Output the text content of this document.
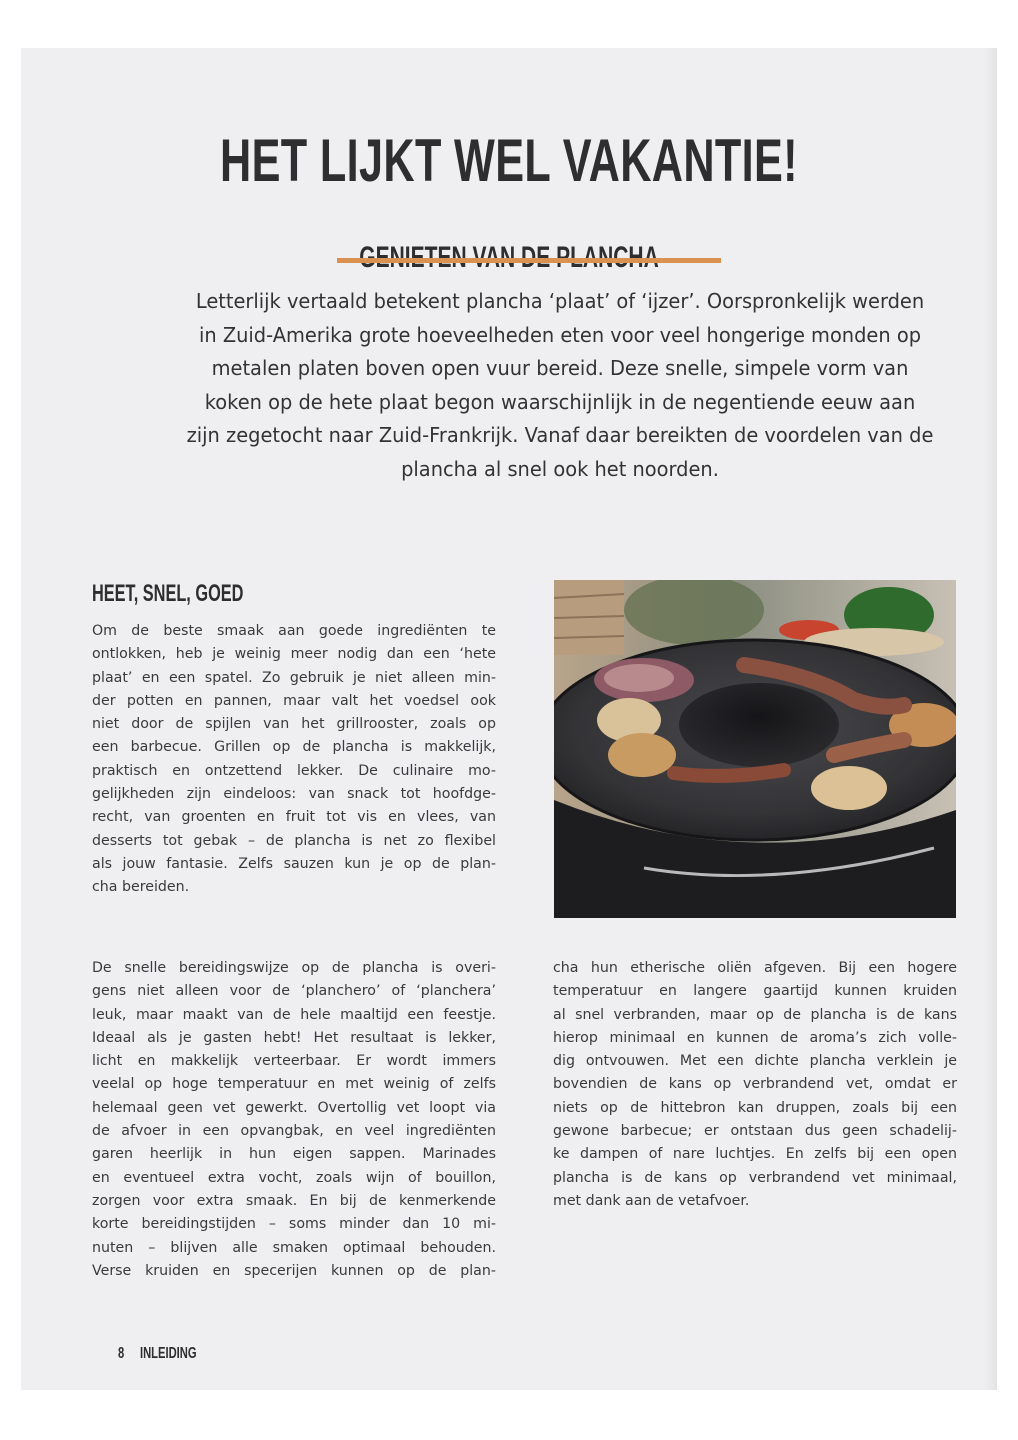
HET LIJKT WEL VAKANTIE!

Letterlijk vertaald betekent plancha ‘plaat’ of ‘ijzer’. Oorspronkelijk werden
in Zuid-Amerika grote hoeveelheden eten voor veel hongerige monden op
metalen platen boven open vuur bereid. Deze snelle, simpele vorm van
koken op de hete plaat begon waarschijnlijk in de negentiende eeuw aan
zijn zegetocht naar Zuid-Frankrijk. Vanaf daar bereikten de voordelen van de
plancha al snel ook het noorden.

HEET, SNEL, GOED
Om de beste smaak aan goede ingrediënten te
ontlokken, heb je weinig meer nodig dan een ‘hete
plaat’ en een spatel. Zo gebruik je niet alleen min-
der potten en pannen, maar valt het voedsel ook
niet door de spijlen van het grillrooster, zoals op
een barbecue. Grillen op de plancha is makkelijk,
praktisch en ontzettend lekker. De culinaire mo-
gelijkheden zijn eindeloos: van snack tot hoofdge-
recht, van groenten en fruit tot vis en vlees, van
desserts tot gebak – de plancha is net zo flexibel
als jouw fantasie. Zelfs sauzen kun je op de plan-
cha bereiden.
De snelle bereidingswijze op de plancha is overi-
gens niet alleen voor de ‘planchero’ of ‘planchera’
leuk, maar maakt van de hele maaltijd een feestje.
Ideaal als je gasten hebt! Het resultaat is lekker,
licht en makkelijk verteerbaar. Er wordt immers
veelal op hoge temperatuur en met weinig of zelfs
helemaal geen vet gewerkt. Overtollig vet loopt via
de afvoer in een opvangbak, en veel ingrediënten
garen heerlijk in hun eigen sappen. Marinades
en eventueel extra vocht, zoals wijn of bouillon,
zorgen voor extra smaak. En bij de kenmerkende
korte bereidingstijden – soms minder dan 10 mi-
nuten – blijven alle smaken optimaal behouden.
Verse kruiden en specerijen kunnen op de plan-
cha hun etherische oliën afgeven. Bij een hogere
temperatuur en langere gaartijd kunnen kruiden
al snel verbranden, maar op de plancha is de kans
hierop minimaal en kunnen de aroma’s zich volle-
dig ontvouwen. Met een dichte plancha verklein je
bovendien de kans op verbrandend vet, omdat er
niets op de hittebron kan druppen, zoals bij een
gewone barbecue; er ontstaan dus geen schadelij-
ke dampen of nare luchtjes. En zelfs bij een open
plancha is de kans op verbrandend vet minimaal,
met dank aan de vetafvoer.
8 INLEIDING
